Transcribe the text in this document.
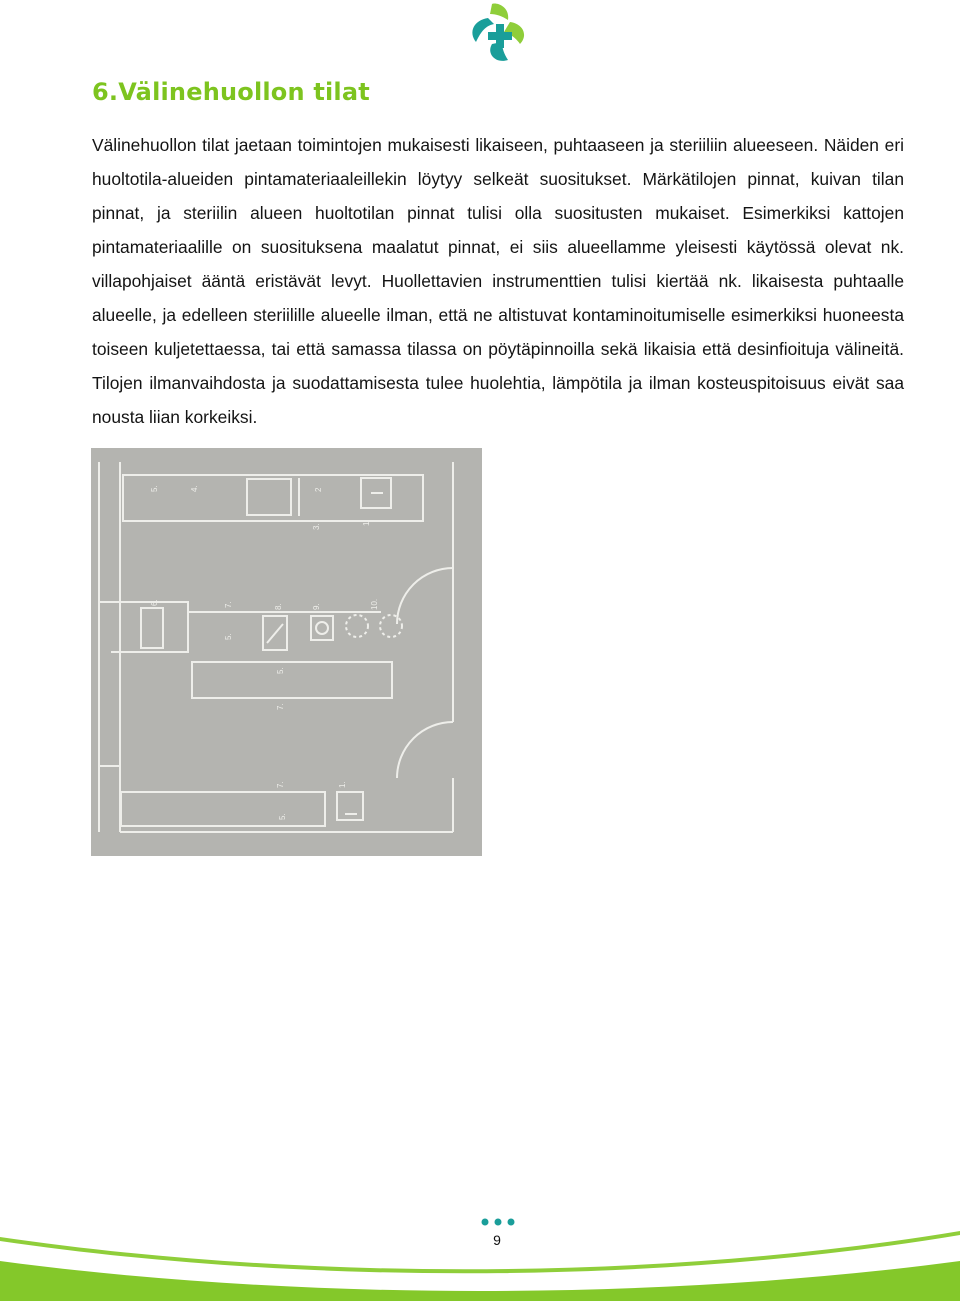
6.Välinehuollon tilat

Välinehuollon tilat jaetaan toimintojen mukaisesti likaiseen, puhtaaseen ja steriiliin alueeseen. Näiden eri huoltotila-alueiden pintamateriaaleillekin löytyy selkeät suositukset. Märkätilojen pinnat, kuivan tilan pinnat, ja steriilin alueen huoltotilan pinnat tulisi olla suositusten mukaiset. Esimerkiksi kattojen pintamateriaalille on suosituksena maalatut pinnat, ei siis alueellamme yleisesti käytössä olevat nk. villapohjaiset ääntä eristävät levyt. Huollettavien instrumenttien tulisi kiertää nk. likaisesta puhtaalle alueelle, ja edelleen steriilille alueelle ilman, että ne altistuvat kontaminoitumiselle esimerkiksi huoneesta toiseen kuljetettaessa, tai että samassa tilassa on pöytäpinnoilla sekä likaisia että desinfioituja välineitä. Tilojen ilmanvaihdosta ja suodattamisesta tulee huolehtia, lämpötila ja ilman kosteuspitoisuus eivät saa nousta liian korkeiksi.

5.	4.	2
3.
1.
6.	7.	8.	9.	10.
5.
5.
7.
7.
5.
1.
9
